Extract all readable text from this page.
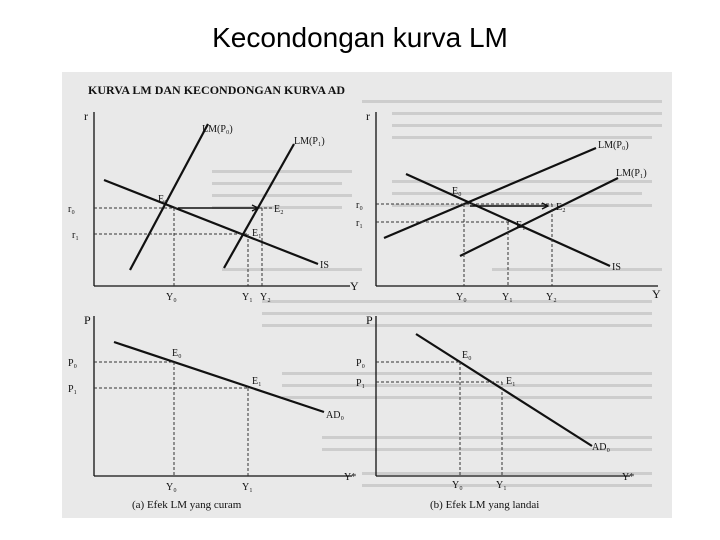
Kecondongan kurva LM
KURVA LM DAN KECONDONGAN KURVA AD
r
Y
LM(P₀)
LM(P₁)
IS
E₀
E₂
E₁
r₀
r₁
Y₀	Y₁ Y₂
r
Y
LM(P₀)
LM(P₁)
IS
E₀
E₂
E₁
r₀
r₁
Y₀	Y₁	Y₂
P
Y*
AD₀
E₀
E₁
P₀
P₁
Y₀	Y₁
(a) Efek LM yang curam
P
Y*
AD₀
E₀
E₁
P₀
P₁
Y₀	Y₁
(b) Efek LM yang landai
